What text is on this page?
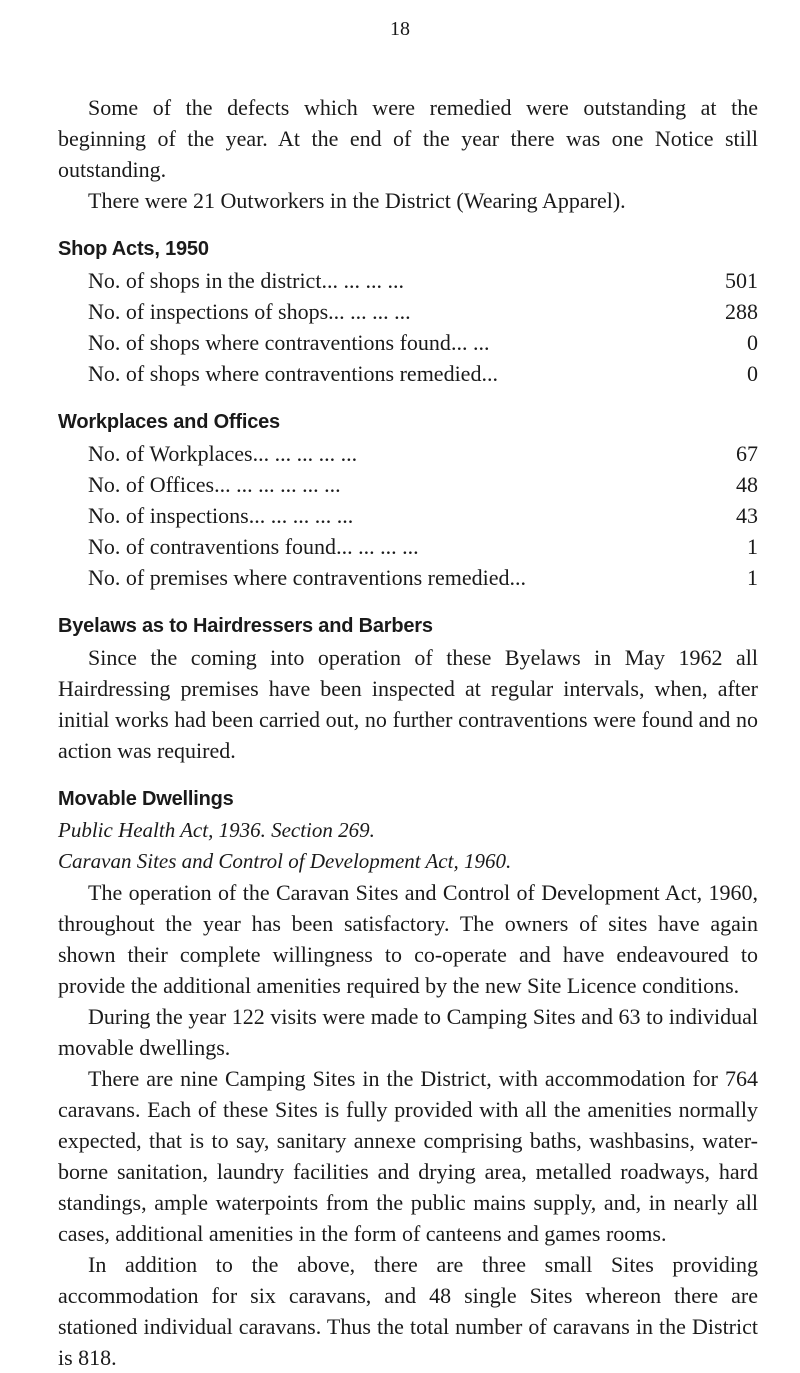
18

Some of the defects which were remedied were outstanding at the beginning of the year. At the end of the year there was one Notice still outstanding.

There were 21 Outworkers in the District (Wearing Apparel).

Shop Acts, 1950
No. of shops in the district ... ... ... ...	501
No. of inspections of shops ... ... ... ...	288
No. of shops where contraventions found ... ...	0
No. of shops where contraventions remedied ...	0
Workplaces and Offices
No. of Workplaces ... ... ... ... ...	67
No. of Offices ... ... ... ... ... ...	48
No. of inspections ... ... ... ... ...	43
No. of contraventions found ... ... ... ...	1
No. of premises where contraventions remedied ...	1
Byelaws as to Hairdressers and Barbers

Since the coming into operation of these Byelaws in May 1962 all Hairdressing premises have been inspected at regular intervals, when, after initial works had been carried out, no further contraventions were found and no action was required.

Movable Dwellings
Public Health Act, 1936. Section 269.
Caravan Sites and Control of Development Act, 1960.

The operation of the Caravan Sites and Control of Development Act, 1960, throughout the year has been satisfactory. The owners of sites have again shown their complete willingness to co-operate and have endeavoured to provide the additional amenities required by the new Site Licence conditions.

During the year 122 visits were made to Camping Sites and 63 to individual movable dwellings.

There are nine Camping Sites in the District, with accommodation for 764 caravans. Each of these Sites is fully provided with all the amenities normally expected, that is to say, sanitary annexe comprising baths, washbasins, water-borne sanitation, laundry facilities and drying area, metalled roadways, hard standings, ample waterpoints from the public mains supply, and, in nearly all cases, additional amenities in the form of canteens and games rooms.

In addition to the above, there are three small Sites providing accommodation for six caravans, and 48 single Sites whereon there are stationed individual caravans. Thus the total number of caravans in the District is 818.
